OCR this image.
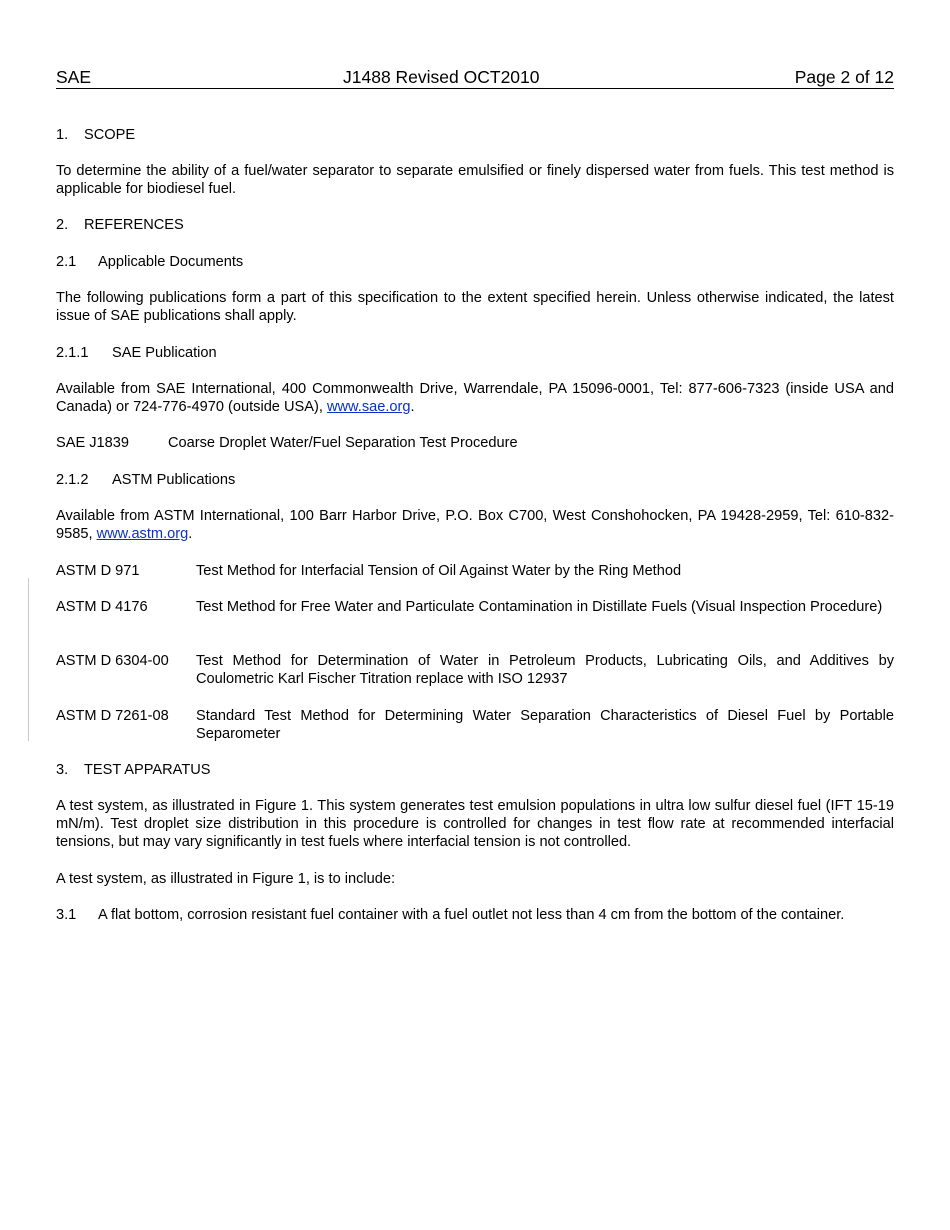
SAE	J1488 Revised OCT2010	Page 2 of 12
1. SCOPE
To determine the ability of a fuel/water separator to separate emulsified or finely dispersed water from fuels. This test method is applicable for biodiesel fuel.
2. REFERENCES
2.1 Applicable Documents
The following publications form a part of this specification to the extent specified herein. Unless otherwise indicated, the latest issue of SAE publications shall apply.
2.1.1 SAE Publication
Available from SAE International, 400 Commonwealth Drive, Warrendale, PA 15096-0001, Tel: 877-606-7323 (inside USA and Canada) or 724-776-4970 (outside USA), www.sae.org.
SAE J1839	Coarse Droplet Water/Fuel Separation Test Procedure
2.1.2 ASTM Publications
Available from ASTM International, 100 Barr Harbor Drive, P.O. Box C700, West Conshohocken, PA 19428-2959, Tel: 610-832-9585, www.astm.org.
ASTM D 971	Test Method for Interfacial Tension of Oil Against Water by the Ring Method
ASTM D 4176	Test Method for Free Water and Particulate Contamination in Distillate Fuels (Visual Inspection Procedure)
ASTM D 6304-00 Test Method for Determination of Water in Petroleum Products, Lubricating Oils, and Additives by Coulometric Karl Fischer Titration replace with ISO 12937
ASTM D 7261-08 Standard Test Method for Determining Water Separation Characteristics of Diesel Fuel by Portable Separometer
3. TEST APPARATUS
A test system, as illustrated in Figure 1. This system generates test emulsion populations in ultra low sulfur diesel fuel (IFT 15-19 mN/m). Test droplet size distribution in this procedure is controlled for changes in test flow rate at recommended interfacial tensions, but may vary significantly in test fuels where interfacial tension is not controlled.
A test system, as illustrated in Figure 1, is to include:
3.1 A flat bottom, corrosion resistant fuel container with a fuel outlet not less than 4 cm from the bottom of the container.
